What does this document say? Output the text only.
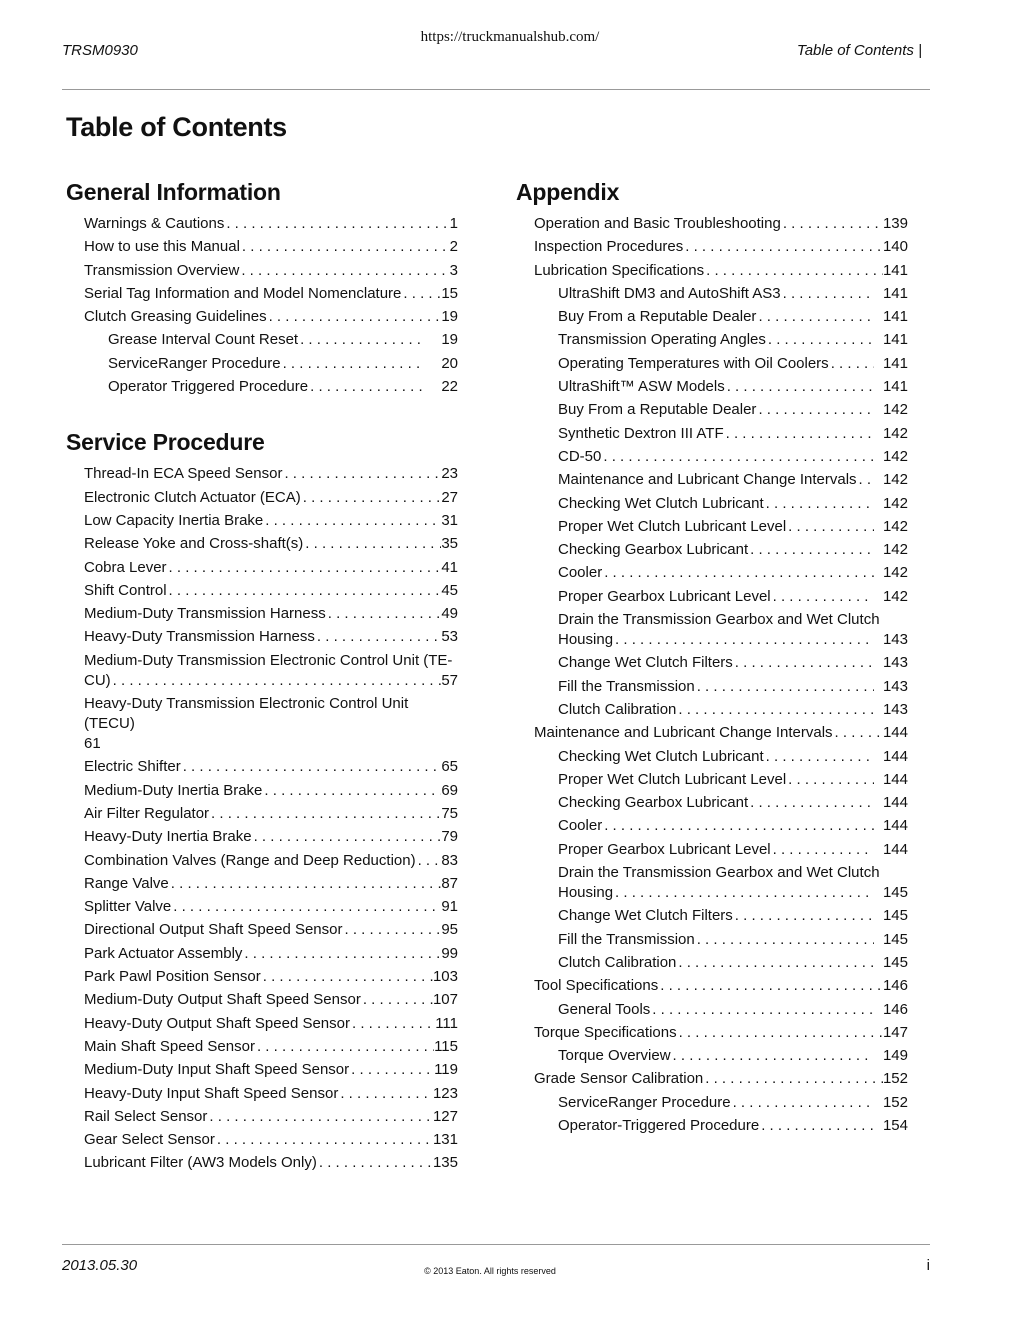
https://truckmanualshub.com/
TRSM0930	Table of Contents |
Table of Contents
General Information
Warnings & Cautions . . .	1
How to use this Manual . . .	2
Transmission Overview . . .	3
Serial Tag Information and Model Nomenclature . . .	15
Clutch Greasing Guidelines . . .	19
Grease Interval Count Reset . . .	19
ServiceRanger Procedure . . .	20
Operator Triggered Procedure . . .	22
Service Procedure
Thread-In ECA Speed Sensor . . .	23
Electronic Clutch Actuator (ECA) . . .	27
Low Capacity Inertia Brake . . .	31
Release Yoke and Cross-shaft(s) . . .	35
Cobra Lever . . .	41
Shift Control . . .	45
Medium-Duty Transmission Harness . . .	49
Heavy-Duty Transmission Harness . . .	53
Medium-Duty Transmission Electronic Control Unit (TE-
CU) . . .	57
Heavy-Duty Transmission Electronic Control Unit (TECU)
61
Electric Shifter . . .	65
Medium-Duty Inertia Brake . . .	69
Air Filter Regulator . . .	75
Heavy-Duty Inertia Brake . . .	79
Combination Valves (Range and Deep Reduction) . . . 83
Range Valve . . .	87
Splitter Valve . . .	91
Directional Output Shaft Speed Sensor . . .	95
Park Actuator Assembly . . .	99
Park Pawl Position Sensor . . .	103
Medium-Duty Output Shaft Speed Sensor . . .	107
Heavy-Duty Output Shaft Speed Sensor . . .	111
Main Shaft Speed Sensor . . .	115
Medium-Duty Input Shaft Speed Sensor . . .	119
Heavy-Duty Input Shaft Speed Sensor . . .	123
Rail Select Sensor . . .	127
Gear Select Sensor . . .	131
Lubricant Filter (AW3 Models Only) . . .	135
Appendix
Operation and Basic Troubleshooting . . .	139
Inspection Procedures . . .	140
Lubrication Specifications . . .	141
UltraShift DM3 and AutoShift AS3 . . .	141
Buy From a Reputable Dealer . . .	141
Transmission Operating Angles . . .	141
Operating Temperatures with Oil Coolers . . .	141
UltraShift™ ASW Models . . .	141
Buy From a Reputable Dealer . . .	142
Synthetic Dextron III ATF . . .	142
CD-50 . . .	142
Maintenance and Lubricant Change Intervals . . .	142
Checking Wet Clutch Lubricant . . .	142
Proper Wet Clutch Lubricant Level . . .	142
Checking Gearbox Lubricant . . .	142
Cooler . . .	142
Proper Gearbox Lubricant Level . . .	142
Drain the Transmission Gearbox and Wet Clutch
Housing . . .	143
Change Wet Clutch Filters . . .	143
Fill the Transmission . . .	143
Clutch Calibration . . .	143
Maintenance and Lubricant Change Intervals . . .	144
Checking Wet Clutch Lubricant . . .	144
Proper Wet Clutch Lubricant Level . . .	144
Checking Gearbox Lubricant . . .	144
Cooler . . .	144
Proper Gearbox Lubricant Level . . .	144
Drain the Transmission Gearbox and Wet Clutch
Housing . . .	145
Change Wet Clutch Filters . . .	145
Fill the Transmission . . .	145
Clutch Calibration . . .	145
Tool Specifications . . .	146
General Tools . . .	146
Torque Specifications . . .	147
Torque Overview . . .	149
Grade Sensor Calibration . . .	152
ServiceRanger Procedure . . .	152
Operator-Triggered Procedure . . .	154
2013.05.30	© 2013 Eaton. All rights reserved	i
